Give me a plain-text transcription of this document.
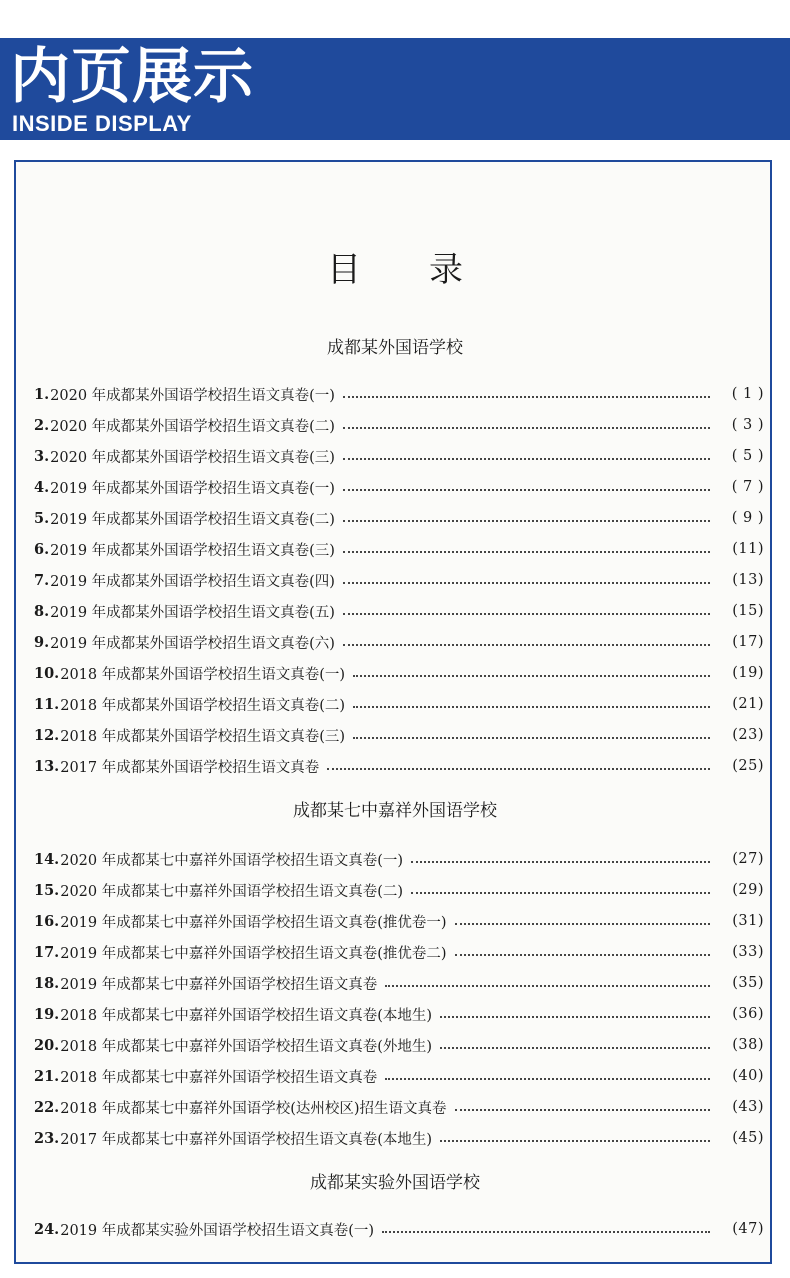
内页展示
INSIDE DISPLAY
目 录
成都某外国语学校
1. 2020 年成都某外国语学校招生语文真卷(一)	( 1 )
2. 2020 年成都某外国语学校招生语文真卷(二)	( 3 )
3. 2020 年成都某外国语学校招生语文真卷(三)	( 5 )
4. 2019 年成都某外国语学校招生语文真卷(一)	( 7 )
5. 2019 年成都某外国语学校招生语文真卷(二)	( 9 )
6. 2019 年成都某外国语学校招生语文真卷(三)	(11)
7. 2019 年成都某外国语学校招生语文真卷(四)	(13)
8. 2019 年成都某外国语学校招生语文真卷(五)	(15)
9. 2019 年成都某外国语学校招生语文真卷(六)	(17)
10. 2018 年成都某外国语学校招生语文真卷(一)	(19)
11. 2018 年成都某外国语学校招生语文真卷(二)	(21)
12. 2018 年成都某外国语学校招生语文真卷(三)	(23)
13. 2017 年成都某外国语学校招生语文真卷	(25)
成都某七中嘉祥外国语学校
14. 2020 年成都某七中嘉祥外国语学校招生语文真卷(一)	(27)
15. 2020 年成都某七中嘉祥外国语学校招生语文真卷(二)	(29)
16. 2019 年成都某七中嘉祥外国语学校招生语文真卷(推优卷一)	(31)
17. 2019 年成都某七中嘉祥外国语学校招生语文真卷(推优卷二)	(33)
18. 2019 年成都某七中嘉祥外国语学校招生语文真卷	(35)
19. 2018 年成都某七中嘉祥外国语学校招生语文真卷(本地生)	(36)
20. 2018 年成都某七中嘉祥外国语学校招生语文真卷(外地生)	(38)
21. 2018 年成都某七中嘉祥外国语学校招生语文真卷	(40)
22. 2018 年成都某七中嘉祥外国语学校(达州校区)招生语文真卷	(43)
23. 2017 年成都某七中嘉祥外国语学校招生语文真卷(本地生)	(45)
成都某实验外国语学校
24. 2019 年成都某实验外国语学校招生语文真卷(一)	(47)
